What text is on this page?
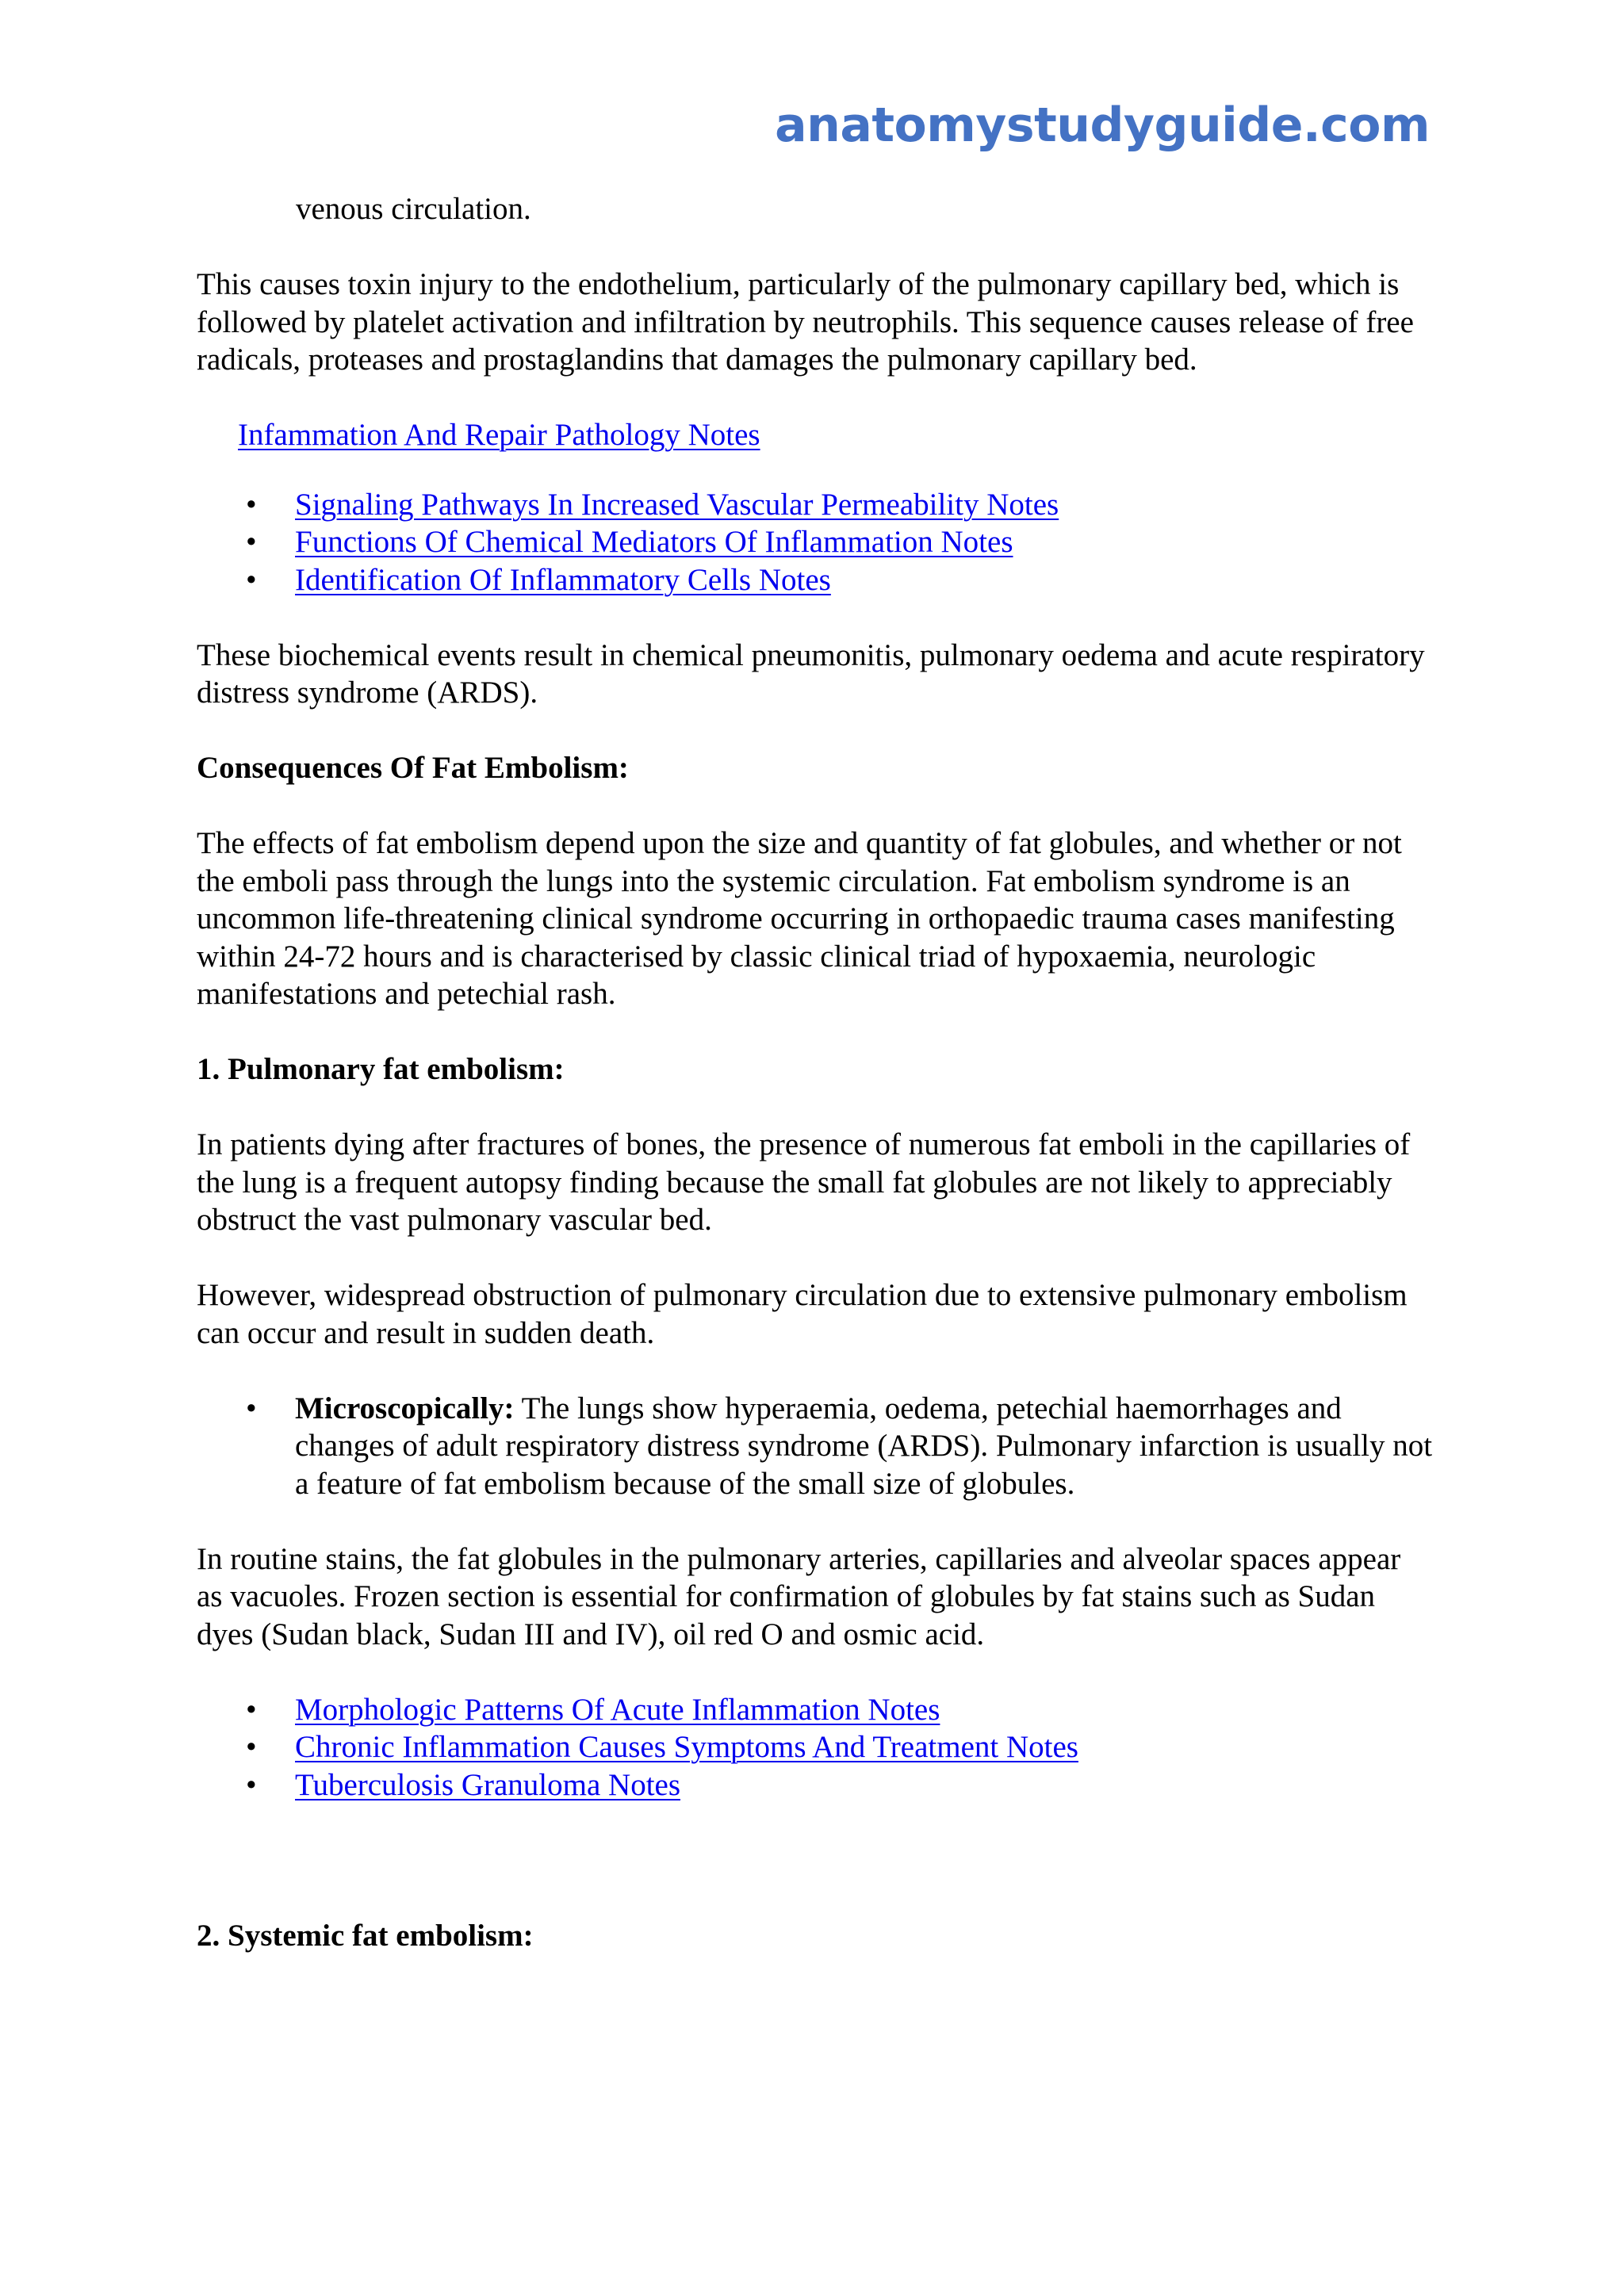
anatomystudyguide.com

venous circulation.

This causes toxin injury to the endothelium, particularly of the pulmonary capillary bed, which is followed by platelet activation and infiltration by neutrophils. This sequence causes release of free radicals, proteases and prostaglandins that damages the pulmonary capillary bed.

Infammation And Repair Pathology Notes

• Signaling Pathways In Increased Vascular Permeability Notes
• Functions Of Chemical Mediators Of Inflammation Notes
• Identification Of Inflammatory Cells Notes

These biochemical events result in chemical pneumonitis, pulmonary oedema and acute respiratory distress syndrome (ARDS).

Consequences Of Fat Embolism:

The effects of fat embolism depend upon the size and quantity of fat globules, and whether or not the emboli pass through the lungs into the systemic circulation. Fat embolism syndrome is an uncommon life-threatening clinical syndrome occurring in orthopaedic trauma cases manifesting within 24-72 hours and is characterised by classic clinical triad of hypoxaemia, neurologic manifestations and petechial rash.

1. Pulmonary fat embolism:

In patients dying after fractures of bones, the presence of numerous fat emboli in the capillaries of the lung is a frequent autopsy finding because the small fat globules are not likely to appreciably obstruct the vast pulmonary vascular bed.

However, widespread obstruction of pulmonary circulation due to extensive pulmonary embolism can occur and result in sudden death.

• Microscopically: The lungs show hyperaemia, oedema, petechial haemorrhages and changes of adult respiratory distress syndrome (ARDS). Pulmonary infarction is usually not a feature of fat embolism because of the small size of globules.

In routine stains, the fat globules in the pulmonary arteries, capillaries and alveolar spaces appear as vacuoles. Frozen section is essential for confirmation of globules by fat stains such as Sudan dyes (Sudan black, Sudan III and IV), oil red O and osmic acid.

• Morphologic Patterns Of Acute Inflammation Notes
• Chronic Inflammation Causes Symptoms And Treatment Notes
• Tuberculosis Granuloma Notes

2. Systemic fat embolism:
